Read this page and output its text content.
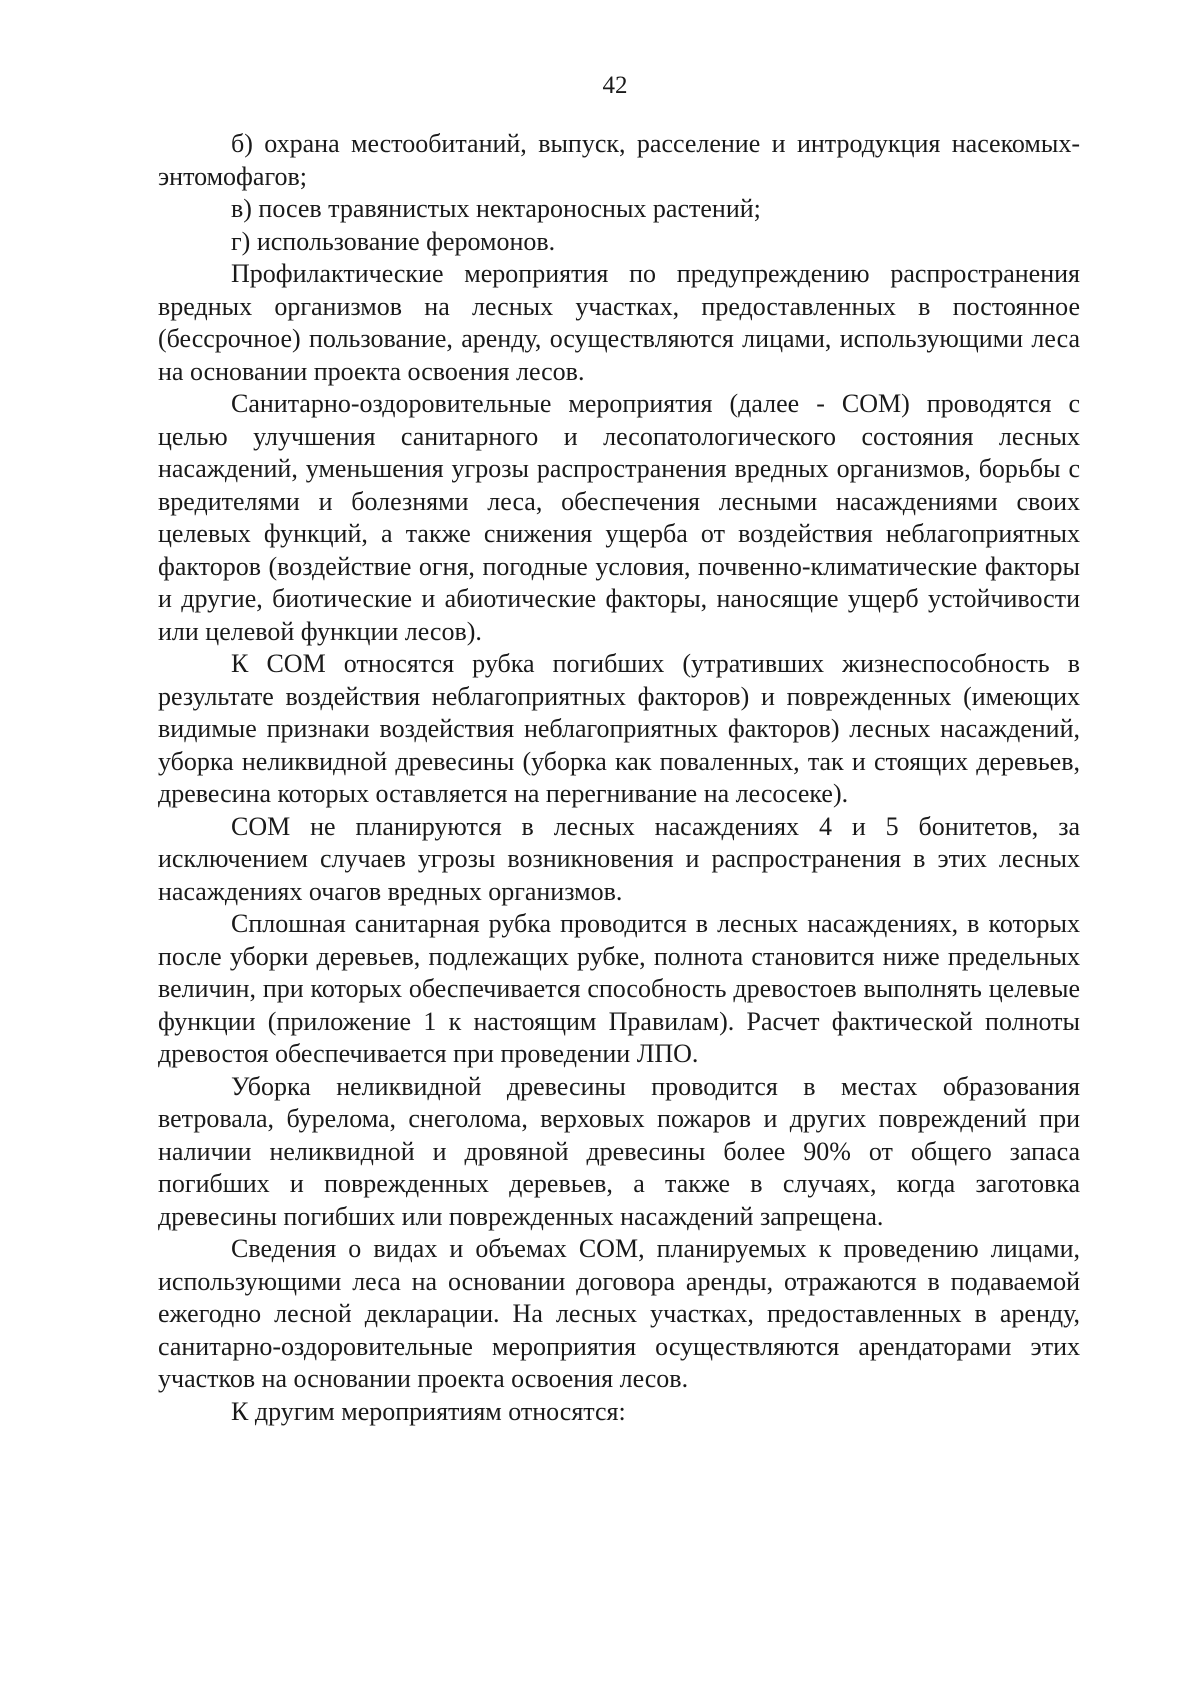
42

б) охрана местообитаний, выпуск, расселение и интродукция насекомых-энтомофагов;

в) посев травянистых нектароносных растений;

г) использование феромонов.

Профилактические мероприятия по предупреждению распространения вредных организмов на лесных участках, предоставленных в постоянное (бессрочное) пользование, аренду, осуществляются лицами, использующими леса на основании проекта освоения лесов.

Санитарно-оздоровительные мероприятия (далее - СОМ) проводятся с целью улучшения санитарного и лесопатологического состояния лесных насаждений, уменьшения угрозы распространения вредных организмов, борьбы с вредителями и болезнями леса, обеспечения лесными насаждениями своих целевых функций, а также снижения ущерба от воздействия неблагоприятных факторов (воздействие огня, погодные условия, почвенно-климатические факторы и другие, биотические и абиотические факторы, наносящие ущерб устойчивости или целевой функции лесов).

К СОМ относятся рубка погибших (утративших жизнеспособность в результате воздействия неблагоприятных факторов) и поврежденных (имеющих видимые признаки воздействия неблагоприятных факторов) лесных насаждений, уборка неликвидной древесины (уборка как поваленных, так и стоящих деревьев, древесина которых оставляется на перегнивание на лесосеке).

СОМ не планируются в лесных насаждениях 4 и 5 бонитетов, за исключением случаев угрозы возникновения и распространения в этих лесных насаждениях очагов вредных организмов.

Сплошная санитарная рубка проводится в лесных насаждениях, в которых после уборки деревьев, подлежащих рубке, полнота становится ниже предельных величин, при которых обеспечивается способность древостоев выполнять целевые функции (приложение 1 к настоящим Правилам). Расчет фактической полноты древостоя обеспечивается при проведении ЛПО.

Уборка неликвидной древесины проводится в местах образования ветровала, бурелома, снеголома, верховых пожаров и других повреждений при наличии неликвидной и дровяной древесины более 90% от общего запаса погибших и поврежденных деревьев, а также в случаях, когда заготовка древесины погибших или поврежденных насаждений запрещена.

Сведения о видах и объемах СОМ, планируемых к проведению лицами, использующими леса на основании договора аренды, отражаются в подаваемой ежегодно лесной декларации. На лесных участках, предоставленных в аренду, санитарно-оздоровительные мероприятия осуществляются арендаторами этих участков на основании проекта освоения лесов.

К другим мероприятиям относятся:
